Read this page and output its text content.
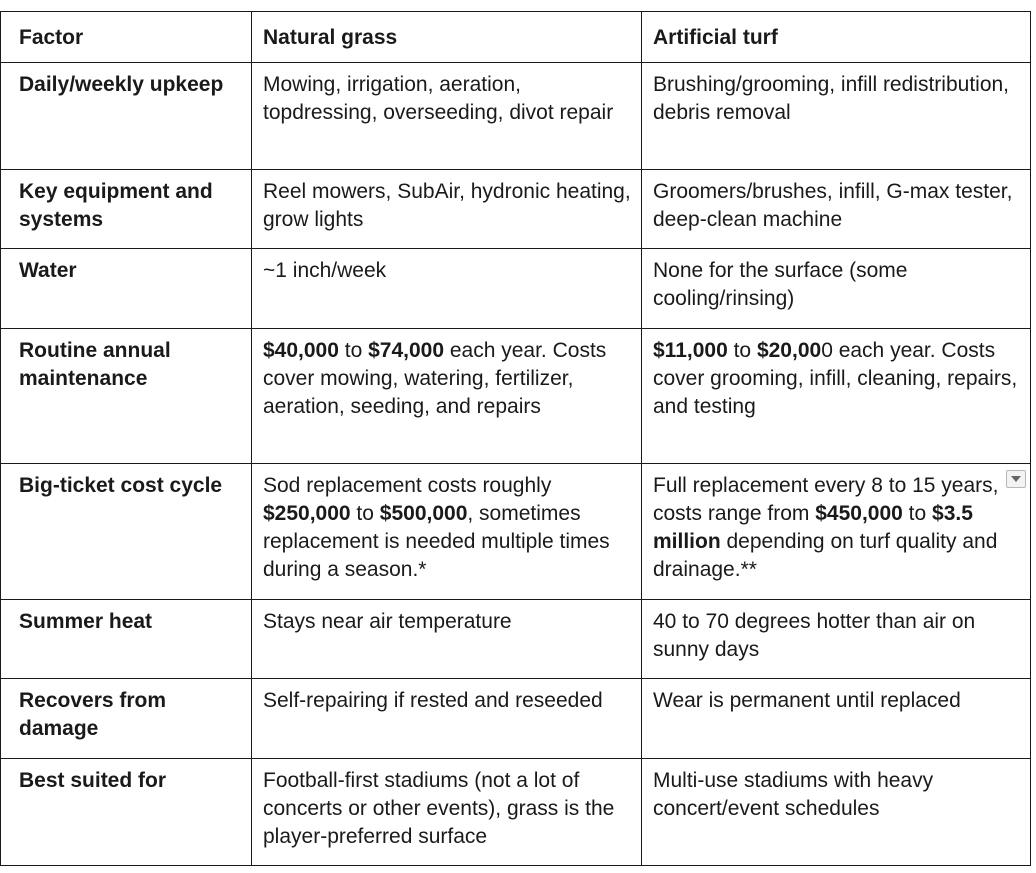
Factor	Natural grass	Artificial turf
Daily/weekly upkeep	Mowing, irrigation, aeration, topdressing, overseeding, divot repair	Brushing/grooming, infill redistribution, debris removal

Key equipment and systems	Reel mowers, SubAir, hydronic heating, grow lights	Groomers/brushes, infill, G-max tester, deep-clean machine

Water	~1 inch/week	None for the surface (some cooling/rinsing)

Routine annual maintenance	$40,000 to $74,000 each year. Costs cover mowing, watering, fertilizer, aeration, seeding, and repairs	$11,000 to $20,000 each year. Costs cover grooming, infill, cleaning, repairs, and testing

Big-ticket cost cycle	Sod replacement costs roughly $250,000 to $500,000, sometimes replacement is needed multiple times during a season.*	Full replacement every 8 to 15 years, costs range from $450,000 to $3.5 million depending on turf quality and drainage.**

Summer heat	Stays near air temperature	40 to 70 degrees hotter than air on sunny days

Recovers from damage	Self-repairing if rested and reseeded	Wear is permanent until replaced

Best suited for	Football-first stadiums (not a lot of concerts or other events), grass is the player-preferred surface	Multi-use stadiums with heavy concert/event schedules
